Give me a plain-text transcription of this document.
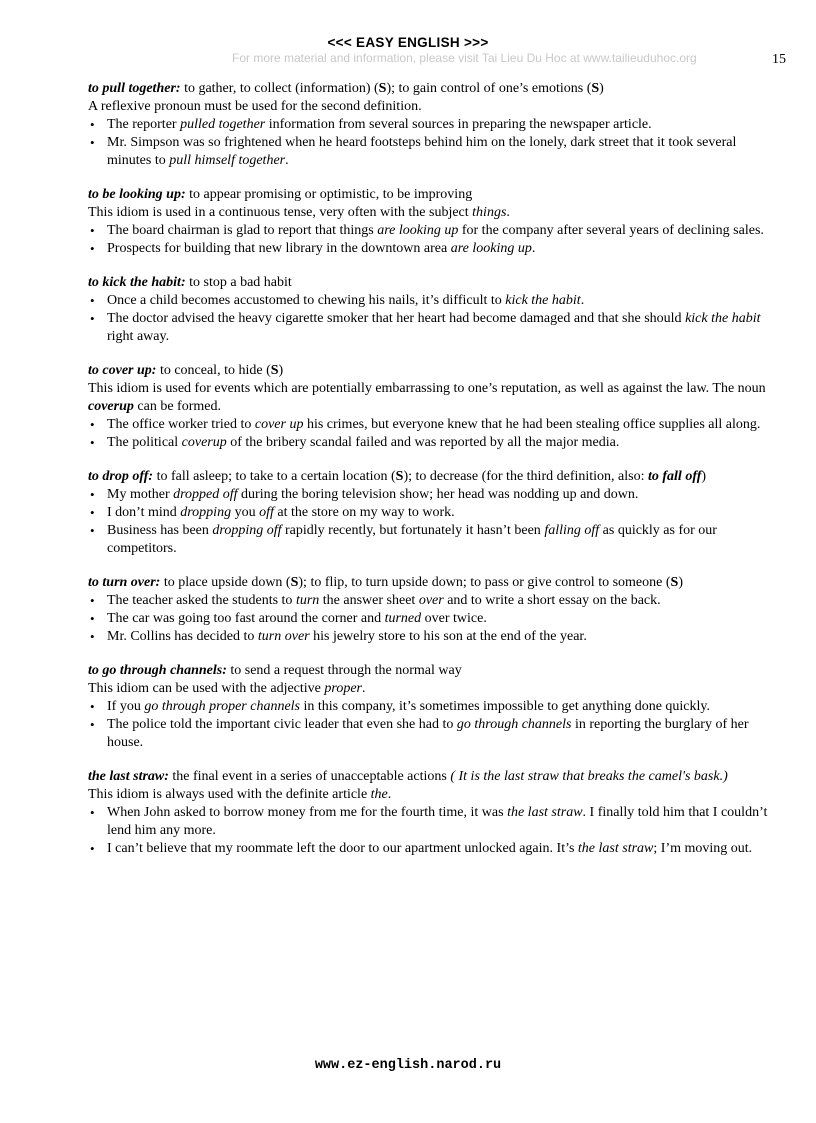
<<< EASY ENGLISH >>>
For more material and information, please visit Tai Lieu Du Hoc at www.tailieuduhoc.org	15
to pull together: to gather, to collect (information) (S); to gain control of one’s emotions (S)
A reflexive pronoun must be used for the second definition.
• The reporter pulled together information from several sources in preparing the newspaper article.
• Mr. Simpson was so frightened when he heard footsteps behind him on the lonely, dark street that it took several minutes to pull himself together.
to be looking up: to appear promising or optimistic, to be improving
This idiom is used in a continuous tense, very often with the subject things.
• The board chairman is glad to report that things are looking up for the company after several years of declining sales.
• Prospects for building that new library in the downtown area are looking up.
to kick the habit: to stop a bad habit
• Once a child becomes accustomed to chewing his nails, it’s difficult to kick the habit.
• The doctor advised the heavy cigarette smoker that her heart had become damaged and that she should kick the habit right away.
to cover up: to conceal, to hide (S)
This idiom is used for events which are potentially embarrassing to one’s reputation, as well as against the law. The noun coverup can be formed.
• The office worker tried to cover up his crimes, but everyone knew that he had been stealing office supplies all along.
• The political coverup of the bribery scandal failed and was reported by all the major media.
to drop off: to fall asleep; to take to a certain location (S); to decrease (for the third definition, also: to fall off)
• My mother dropped off during the boring television show; her head was nodding up and down.
• I don’t mind dropping you off at the store on my way to work.
• Business has been dropping off rapidly recently, but fortunately it hasn’t been falling off as quickly as for our competitors.
to turn over: to place upside down (S); to flip, to turn upside down; to pass or give control to someone (S)
• The teacher asked the students to turn the answer sheet over and to write a short essay on the back.
• The car was going too fast around the corner and turned over twice.
• Mr. Collins has decided to turn over his jewelry store to his son at the end of the year.
to go through channels: to send a request through the normal way
This idiom can be used with the adjective proper.
• If you go through proper channels in this company, it’s sometimes impossible to get anything done quickly.
• The police told the important civic leader that even she had to go through channels in reporting the burglary of her house.
the last straw: the final event in a series of unacceptable actions ( It is the last straw that breaks the camel's bask.)
This idiom is always used with the definite article the.
• When John asked to borrow money from me for the fourth time, it was the last straw. I finally told him that I couldn’t lend him any more.
• I can’t believe that my roommate left the door to our apartment unlocked again. It’s the last straw; I’m moving out.
www.ez-english.narod.ru
